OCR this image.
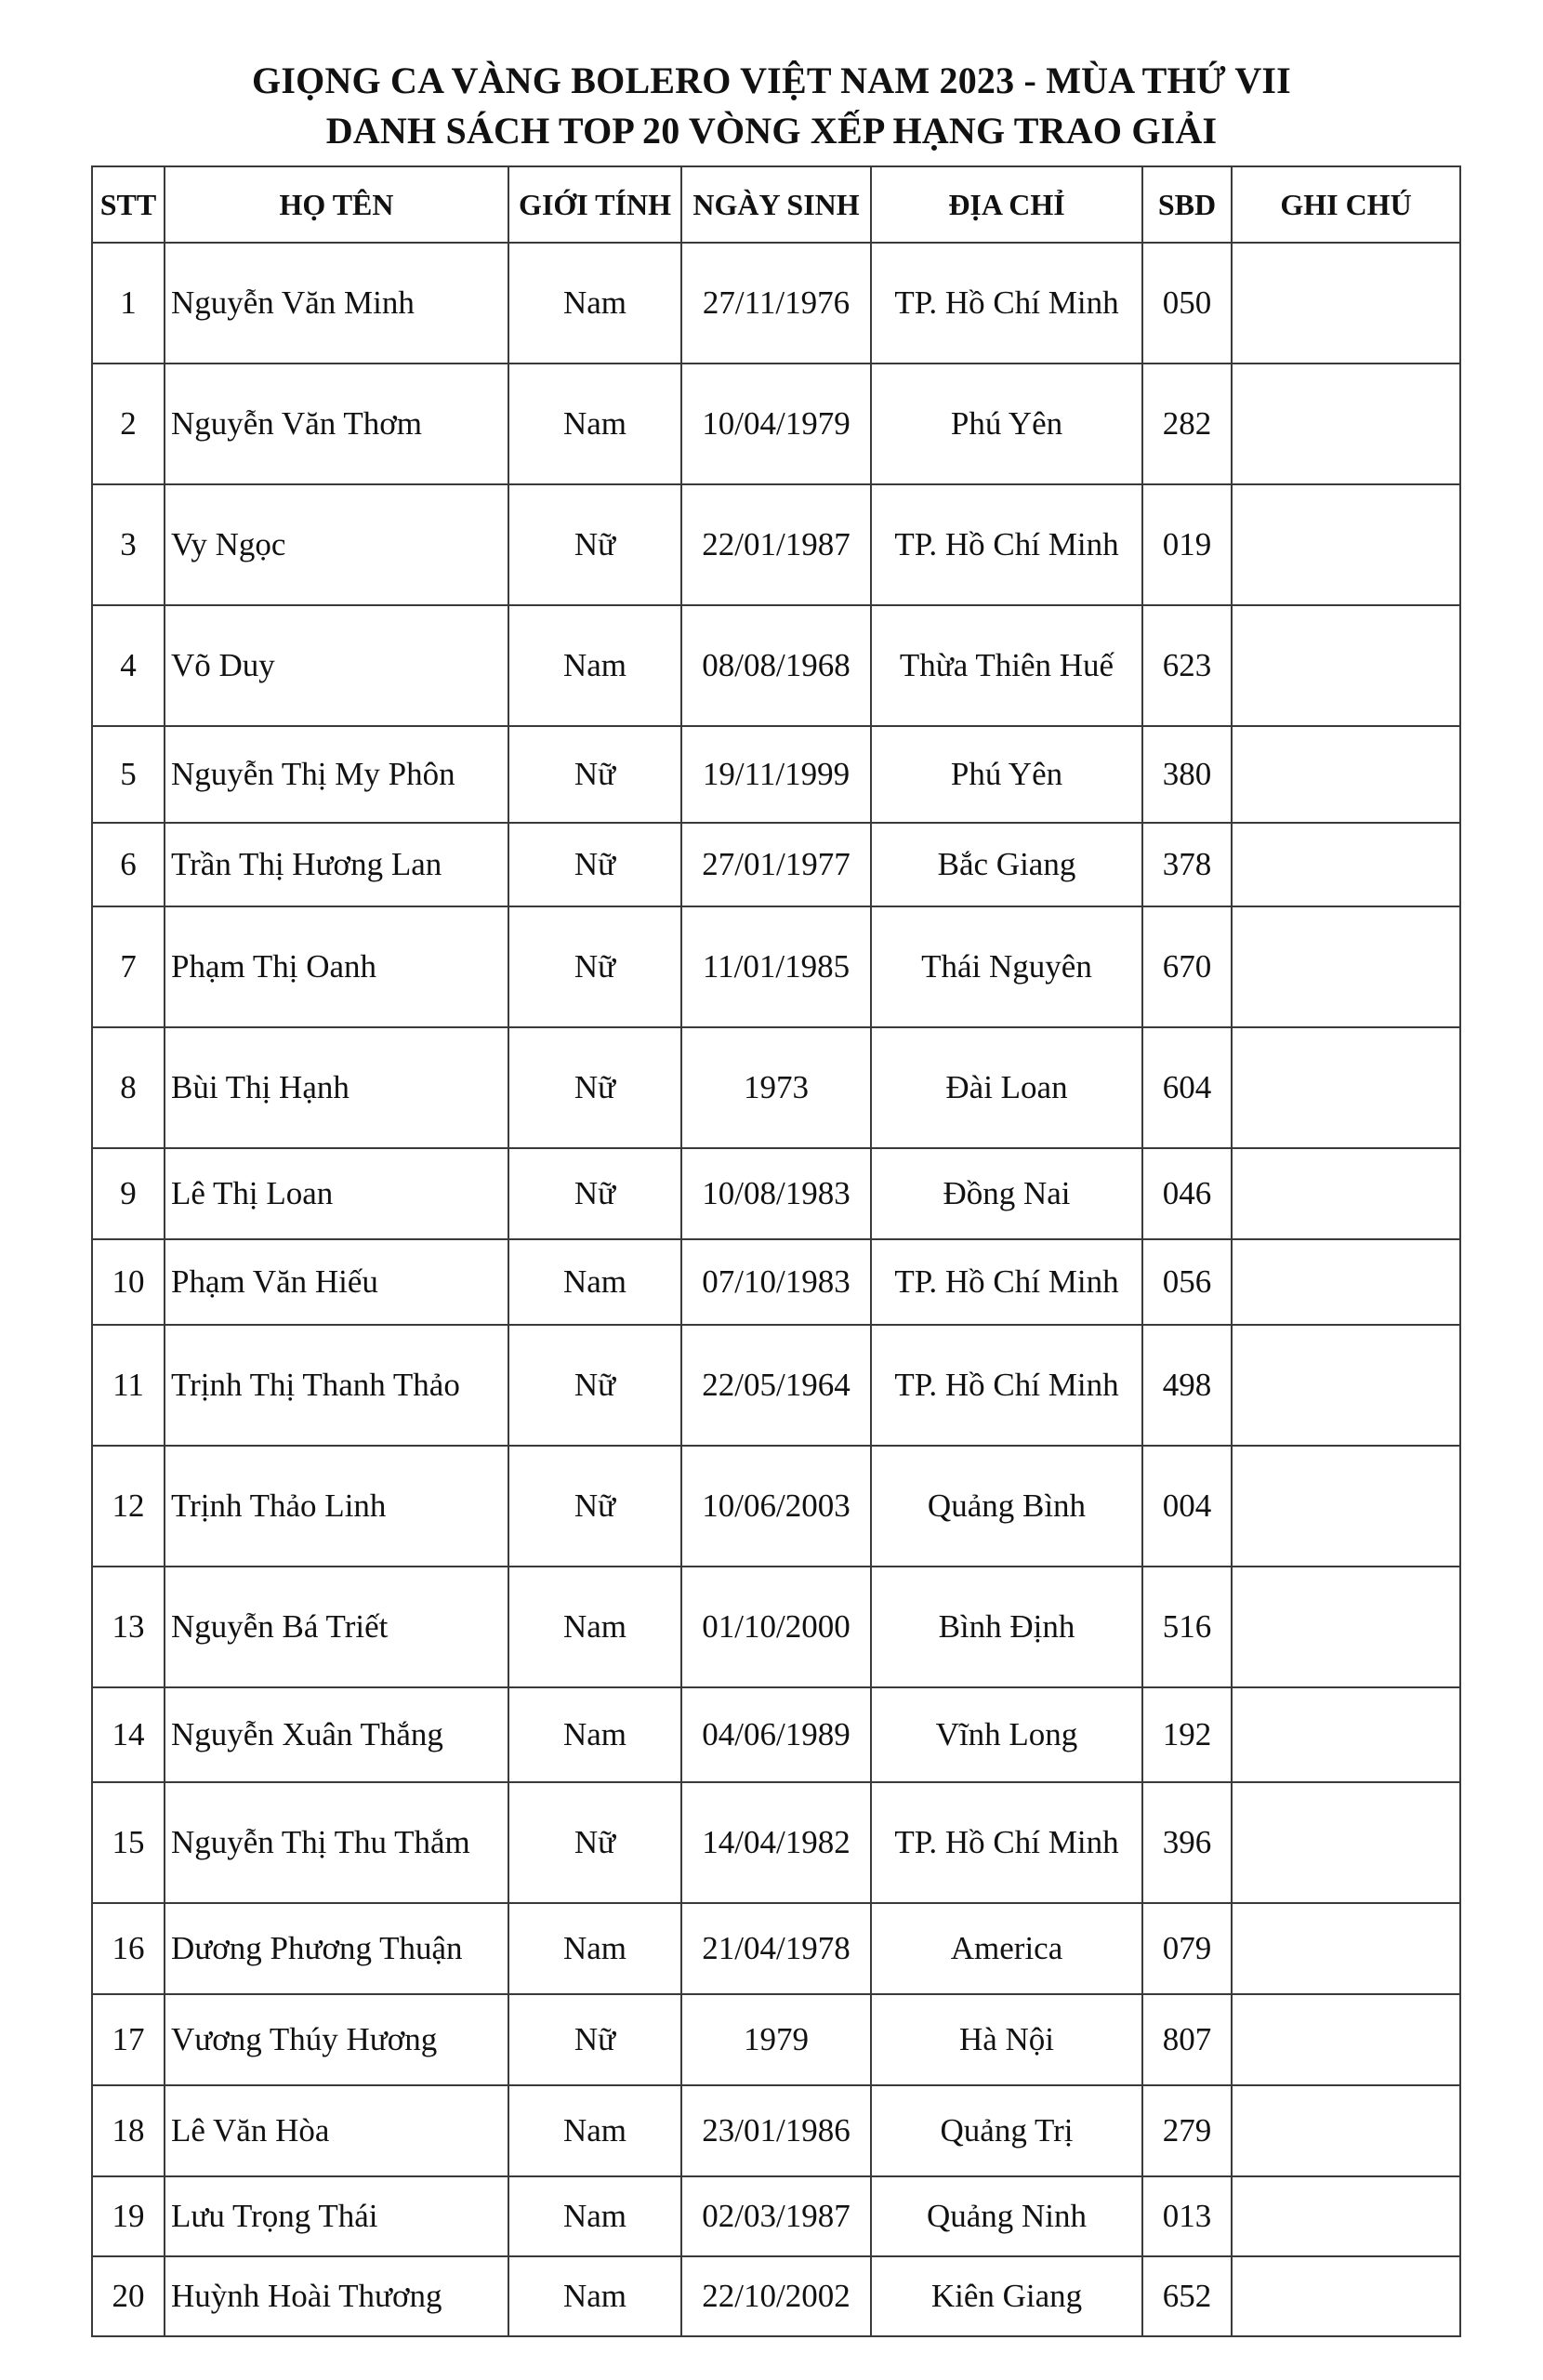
GIỌNG CA VÀNG BOLERO VIỆT NAM 2023 - MÙA THỨ VII
DANH SÁCH TOP 20 VÒNG XẾP HẠNG TRAO GIẢI
STT	HỌ TÊN	GIỚI TÍNH	NGÀY SINH	ĐỊA CHỈ	SBD	GHI CHÚ
1	Nguyễn Văn Minh	Nam	27/11/1976	TP. Hồ Chí Minh	050	
2	Nguyễn Văn Thơm	Nam	10/04/1979	Phú Yên	282	
3	Vy Ngọc	Nữ	22/01/1987	TP. Hồ Chí Minh	019	
4	Võ Duy	Nam	08/08/1968	Thừa Thiên Huế	623	
5	Nguyễn Thị My Phôn	Nữ	19/11/1999	Phú Yên	380	
6	Trần Thị Hương Lan	Nữ	27/01/1977	Bắc Giang	378	
7	Phạm Thị Oanh	Nữ	11/01/1985	Thái Nguyên	670	
8	Bùi Thị Hạnh	Nữ	1973	Đài Loan	604	
9	Lê Thị Loan	Nữ	10/08/1983	Đồng Nai	046	
10	Phạm Văn Hiếu	Nam	07/10/1983	TP. Hồ Chí Minh	056	
11	Trịnh Thị Thanh Thảo	Nữ	22/05/1964	TP. Hồ Chí Minh	498	
12	Trịnh Thảo Linh	Nữ	10/06/2003	Quảng Bình	004	
13	Nguyễn Bá Triết	Nam	01/10/2000	Bình Định	516	
14	Nguyễn Xuân Thắng	Nam	04/06/1989	Vĩnh Long	192	
15	Nguyễn Thị Thu Thắm	Nữ	14/04/1982	TP. Hồ Chí Minh	396	
16	Dương Phương Thuận	Nam	21/04/1978	America	079	
17	Vương Thúy Hương	Nữ	1979	Hà Nội	807	
18	Lê Văn Hòa	Nam	23/01/1986	Quảng Trị	279	
19	Lưu Trọng Thái	Nam	02/03/1987	Quảng Ninh	013	
20	Huỳnh Hoài Thương	Nam	22/10/2002	Kiên Giang	652	
